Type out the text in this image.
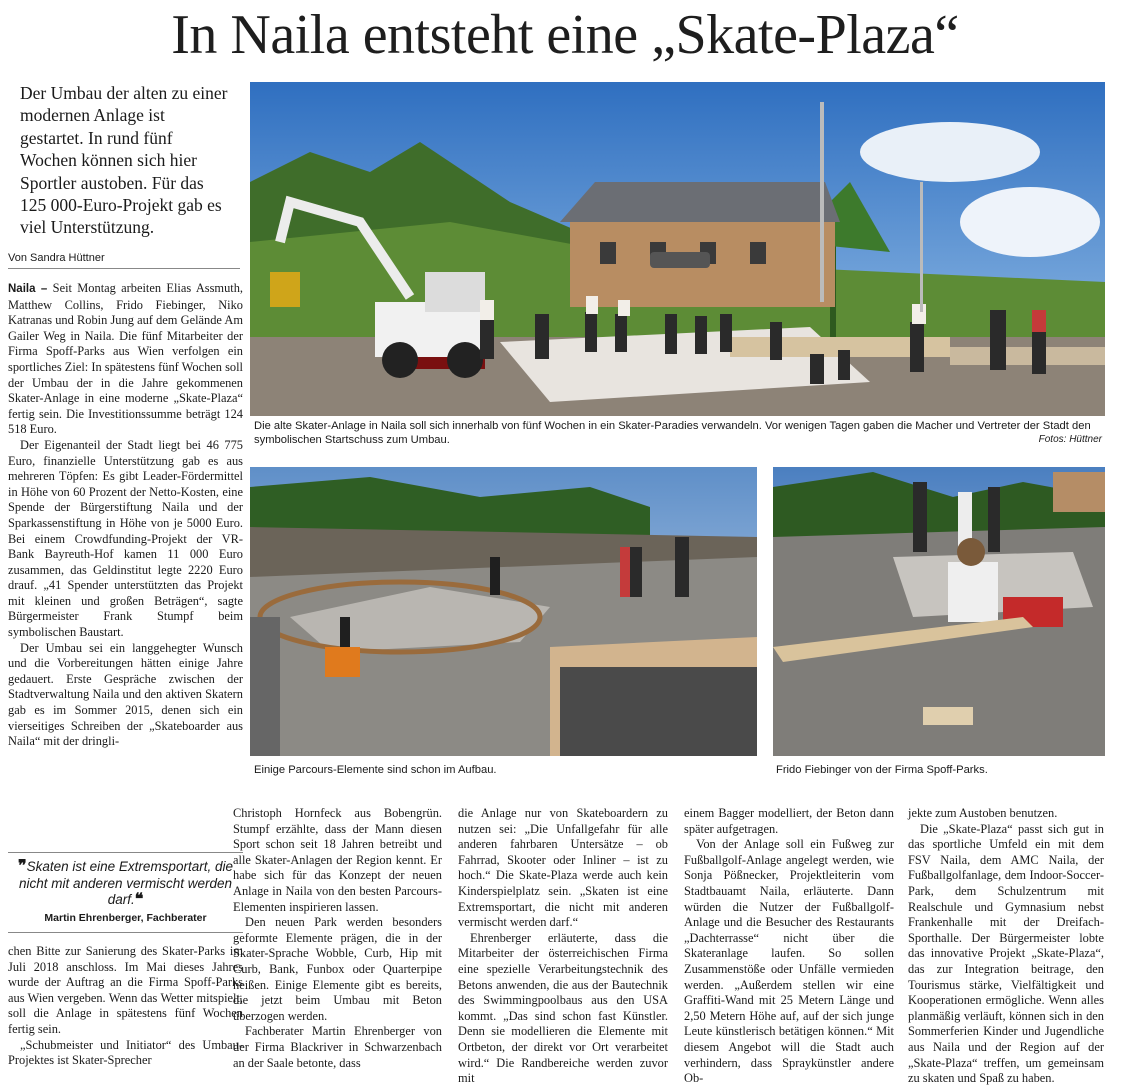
In Naila entsteht eine „Skate-Plaza“

Der Umbau der alten zu einer modernen Anlage ist gestartet. In rund fünf Wochen können sich hier Sportler austoben. Für das 125 000-Euro-Projekt gab es viel Unterstützung.

Von Sandra Hüttner

Naila – Seit Montag arbeiten Elias Assmuth, Matthew Collins, Frido Fiebinger, Niko Katranas und Robin Jung auf dem Gelände Am Gailer Weg in Naila. Die fünf Mitarbeiter der Firma Spoff-Parks aus Wien verfolgen ein sportliches Ziel: In spätestens fünf Wochen soll der Umbau der in die Jahre gekommenen Skater-Anlage in eine moderne „Skate-Plaza“ fertig sein. Die Investitionssumme beträgt 124 518 Euro.

Der Eigenanteil der Stadt liegt bei 46 775 Euro, finanzielle Unterstützung gab es aus mehreren Töpfen: Es gibt Leader-Fördermittel in Höhe von 60 Prozent der Netto-Kosten, eine Spende der Bürgerstiftung Naila und der Sparkassenstiftung in Höhe von je 5000 Euro. Bei einem Crowdfunding-Projekt der VR-Bank Bayreuth-Hof kamen 11 000 Euro zusammen, das Geldinstitut legte 2220 Euro drauf. „41 Spender unterstützten das Projekt mit kleinen und großen Beträgen“, sagte Bürgermeister Frank Stumpf beim symbolischen Baustart.

Der Umbau sei ein langgehegter Wunsch und die Vorbereitungen hätten einige Jahre gedauert. Erste Gespräche zwischen der Stadtverwaltung Naila und den aktiven Skatern gab es im Sommer 2015, denen sich ein vierseitiges Schreiben der „Skateboarder aus Naila“ mit der dringli-

❞Skaten ist eine Extremsportart, die nicht mit anderen vermischt werden darf.❝

Martin Ehrenberger, Fachberater

chen Bitte zur Sanierung des Skater-Parks im Juli 2018 anschloss. Im Mai dieses Jahres wurde der Auftrag an die Firma Spoff-Parks aus Wien vergeben. Wenn das Wetter mitspielt, soll die Anlage in spätestens fünf Wochen fertig sein.

„Schubmeister und Initiator“ des Umbau-Projektes ist Skater-Sprecher

Die alte Skater-Anlage in Naila soll sich innerhalb von fünf Wochen in ein Skater-Paradies verwandeln. Vor wenigen Tagen gaben die Macher und Vertreter der Stadt den symbolischen Startschuss zum Umbau.	Fotos: Hüttner
Einige Parcours-Elemente sind schon im Aufbau.	Frido Fiebinger von der Firma Spoff-Parks.

Christoph Hornfeck aus Bobengrün. Stumpf erzählte, dass der Mann diesen Sport schon seit 18 Jahren betreibt und alle Skater-Anlagen der Region kennt. Er habe sich für das Konzept der neuen Anlage in Naila von den besten Parcours-Elementen inspirieren lassen.

Den neuen Park werden besonders geformte Elemente prägen, die in der Skater-Sprache Wobble, Curb, Hip mit Curb, Bank, Funbox oder Quarterpipe heißen. Einige Elemente gibt es bereits, die jetzt beim Umbau mit Beton überzogen werden.

Fachberater Martin Ehrenberger von der Firma Blackriver in Schwarzenbach an der Saale betonte, dass

die Anlage nur von Skateboardern zu nutzen sei: „Die Unfallgefahr für alle anderen fahrbaren Untersätze – ob Fahrrad, Skooter oder Inliner – ist zu hoch.“ Die Skate-Plaza werde auch kein Kinderspielplatz sein. „Skaten ist eine Extremsportart, die nicht mit anderen vermischt werden darf.“

Ehrenberger erläuterte, dass die Mitarbeiter der österreichischen Firma eine spezielle Verarbeitungstechnik des Betons anwenden, die aus der Bautechnik des Swimmingpoolbaus aus den USA kommt. „Das sind schon fast Künstler. Denn sie modellieren die Elemente mit Ortbeton, der direkt vor Ort verarbeitet wird.“ Die Randbereiche werden zuvor mit

einem Bagger modelliert, der Beton dann später aufgetragen.

Von der Anlage soll ein Fußweg zur Fußballgolf-Anlage angelegt werden, wie Sonja Pößnecker, Projektleiterin vom Stadtbauamt Naila, erläuterte. Dann würden die Nutzer der Fußballgolf-Anlage und die Besucher des Restaurants „Dachterrasse“ nicht über die Skateranlage laufen. So sollen Zusammenstöße oder Unfälle vermieden werden. „Außerdem stellen wir eine Graffiti-Wand mit 25 Metern Länge und 2,50 Metern Höhe auf, auf der sich junge Leute künstlerisch betätigen können.“ Mit diesem Angebot will die Stadt auch verhindern, dass Spraykünstler andere Ob-

jekte zum Austoben benutzen.

Die „Skate-Plaza“ passt sich gut in das sportliche Umfeld ein mit dem FSV Naila, dem AMC Naila, der Fußballgolfanlage, dem Indoor-Soccer-Park, dem Schulzentrum mit Realschule und Gymnasium nebst Frankenhalle mit der Dreifach-Sporthalle. Der Bürgermeister lobte das innovative Projekt „Skate-Plaza“, das zur Integration beitrage, den Tourismus stärke, Vielfältigkeit und Kooperationen ermögliche. Wenn alles planmäßig verläuft, können sich in den Sommerferien Kinder und Jugendliche aus Naila und der Region auf der „Skate-Plaza“ treffen, um gemeinsam zu skaten und Spaß zu haben.
